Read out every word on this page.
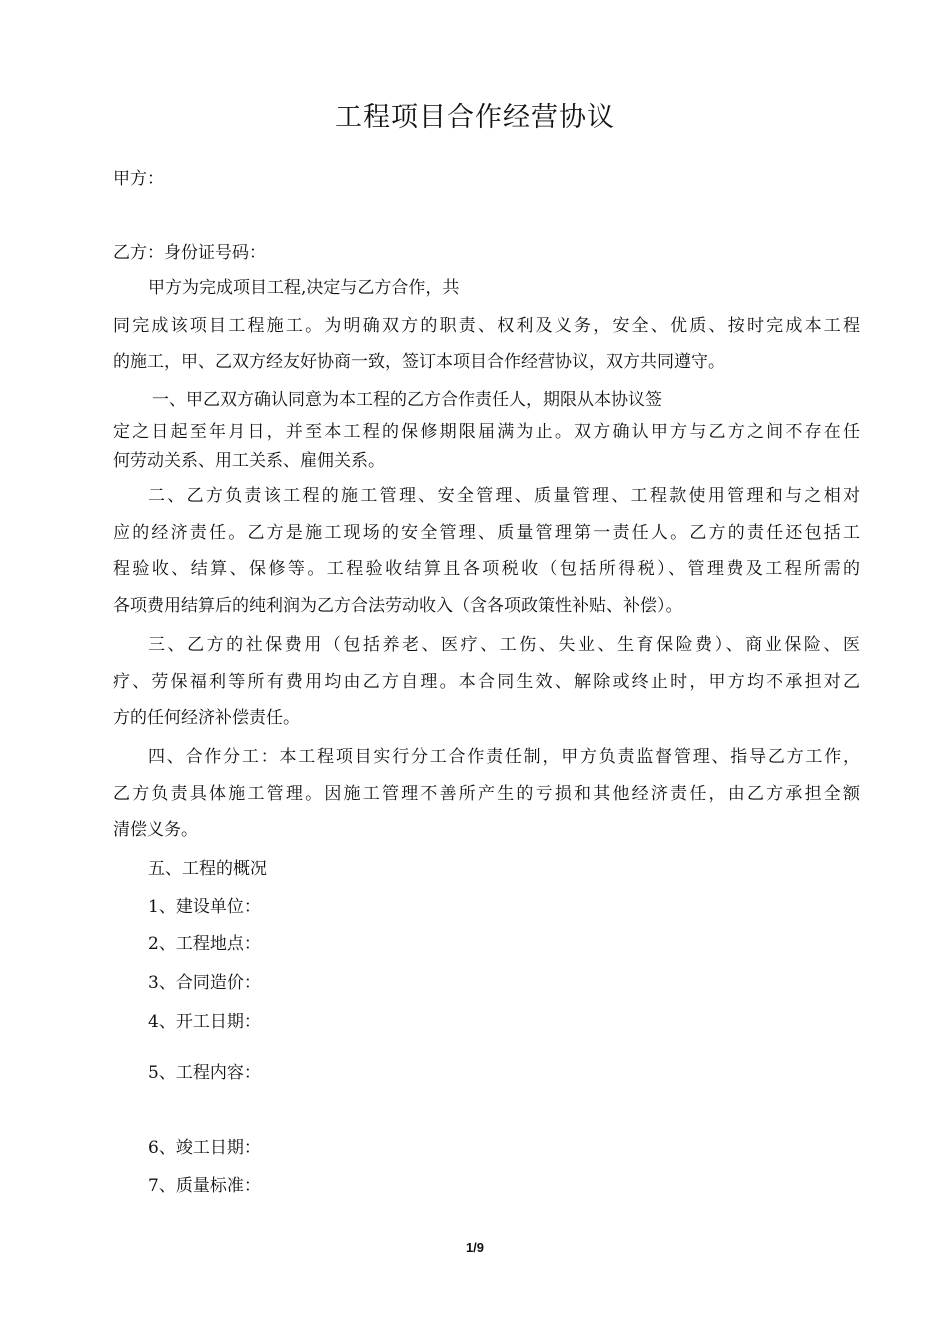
工程项目合作经营协议
甲方：
乙方：身份证号码：
甲方为完成项目工程,决定与乙方合作，共
同完成该项目工程施工。为明确双方的职责、权利及义务，安全、优质、按时完成本工程
的施工，甲、乙双方经友好协商一致，签订本项目合作经营协议，双方共同遵守。
一、甲乙双方确认同意为本工程的乙方合作责任人，期限从本协议签
定之日起至年月日，并至本工程的保修期限届满为止。双方确认甲方与乙方之间不存在任
何劳动关系、用工关系、雇佣关系。
二、乙方负责该工程的施工管理、安全管理、质量管理、工程款使用管理和与之相对
应的经济责任。乙方是施工现场的安全管理、质量管理第一责任人。乙方的责任还包括工
程验收、结算、保修等。工程验收结算且各项税收（包括所得税）、管理费及工程所需的
各项费用结算后的纯利润为乙方合法劳动收入（含各项政策性补贴、补偿）。
三、乙方的社保费用（包括养老、医疗、工伤、失业、生育保险费）、商业保险、医
疗、劳保福利等所有费用均由乙方自理。本合同生效、解除或终止时，甲方均不承担对乙
方的任何经济补偿责任。
四、合作分工：本工程项目实行分工合作责任制，甲方负责监督管理、指导乙方工作，
乙方负责具体施工管理。因施工管理不善所产生的亏损和其他经济责任，由乙方承担全额
清偿义务。
五、工程的概况
1、建设单位：
2、工程地点：
3、合同造价：
4、开工日期：
5、工程内容：
6、竣工日期：
7、质量标准：
1/9
